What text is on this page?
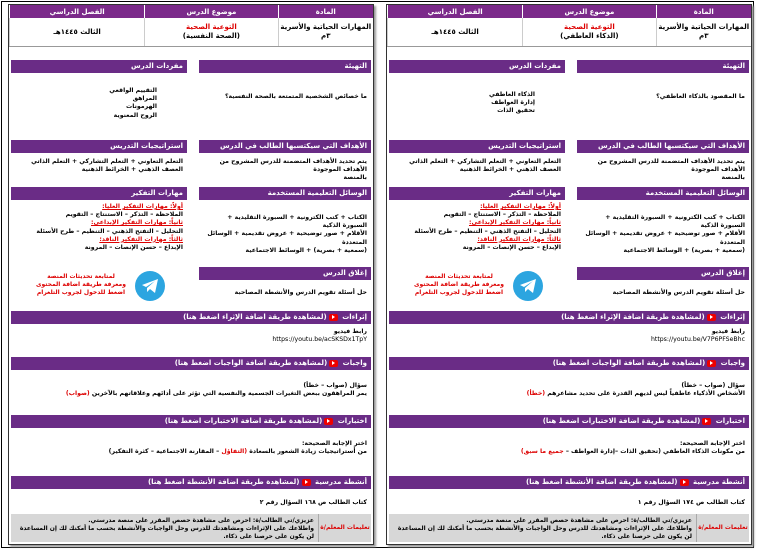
المادة
موضوع الدرس
الفصل الدراسي
المهارات الحياتية والأسرية ٣م
التوعية الصحية
(الذكاء العاطفي)
الثالث ١٤٤٥هـ
التهيئة
ما المقصود بالذكاء العاطفي؟
مفردات الدرس

الذكاء العاطفي

إدارة العواطف

تحقيق الذات

الأهداف التي سيكتسبها الطالب في الدرس

يتم تحديد الأهداف المتضمنة للدرس المشروح من الأهداف الموجودة

بالمنصة

استراتيجيات التدريس

التعلم التعاوني + التعلم التشاركي + التعلم الذاتي

العصف الذهني + الخرائط الذهنية

الوسائل التعليمية المستخدمة

الكتاب + كتب الكترونية + السبورة التقليدية + السبورة الذكية

الأقلام + صور توضيحية + عروض تقديمية + الوسائل المتعددة

(سمعية + بصرية) + الوسائط الاجتماعية

مهارات التفكير

أولاً: مهارات التفكير العليا:

الملاحظة – التذكر – الاستنتاج – التقويم

ثانياً: مهارات التفكير الإبداعي:

التحليل – التفتح الذهني – التنظيم – طرح الأسئلة

ثالثاً: مهارات التفكير الناقد:

الإبداع – حسن الإنصات – المرونة

إغلاق الدرس
حل أسئلة تقويم الدرس والأنشطة المصاحبة
لمتابعة تحديثات المنصة
ومعرفة طريقة اضافة المحتوى
اضغط للدخول لجروب التلغرام
إثراءات (لمشاهدة طريقة اضافة الإثراء اضغط هنا)

رابط فيديو

https://youtu.be/V7P6PFSeBhc

واجبات (لمشاهدة طريقة اضافة الواجبات اضغط هنا)

سؤال (صواب – خطأ)

الأشخاص الأذكياء عاطفياً ليس لديهم القدرة على تحديد مشاعرهم (خطأ)

اختبارات (لمشاهدة طريقة اضافة الاختبارات اضغط هنا)

اختر الإجابة الصحيحة:

من مكونات الذكاء العاطفي (تحقيق الذات –إدارة العواطف – جميع ما سبق)

أنشطة مدرسية (لمشاهدة طريقة اضافة الأنشطة اضغط هنا)
كتاب الطالب ص ١٧٤ السؤال رقم ١
تعليمات المعلم/ة
عزيزي/تي الطالب/ة: احرص على مشاهدة حصص المقرر على منصة مدرستي.
واطلاعك على الإثراءات ومشاهدتك للدرس وحل الواجبات والأنشطة بحسب ما أمكنك لك إن المساعدة لن يكون على حرصنا على ذكاء.
المادة
موضوع الدرس
الفصل الدراسي
المهارات الحياتية والأسرية ٣م
التوعية الصحية
(الصحة النفسية)
الثالث ١٤٤٥هـ
التهيئة
ما خصائص الشخصية المتمتعة بالصحة النفسية؟
مفردات الدرس

التقييم الواقعي

المراهق

الهرمونات

الروح المعنوية

الأهداف التي سيكتسبها الطالب في الدرس

يتم تحديد الأهداف المتضمنة للدرس المشروح من الأهداف الموجودة

بالمنصة

استراتيجيات التدريس

التعلم التعاوني + التعلم التشاركي + التعلم الذاتي

العصف الذهني + الخرائط الذهنية

الوسائل التعليمية المستخدمة

الكتاب + كتب الكترونية + السبورة التقليدية + السبورة الذكية

الأقلام + صور توضيحية + عروض تقديمية + الوسائل المتعددة

(سمعية + بصرية) + الوسائط الاجتماعية

مهارات التفكير

أولاً: مهارات التفكير العليا:

الملاحظة – التذكر – الاستنتاج – التقويم

ثانياً: مهارات التفكير الإبداعي:

التحليل – التفتح الذهني – التنظيم – طرح الأسئلة

ثالثاً: مهارات التفكير الناقد:

الإبداع – حسن الإنصات – المرونة

إغلاق الدرس
حل أسئلة تقويم الدرس والأنشطة المصاحبة
لمتابعة تحديثات المنصة
ومعرفة طريقة اضافة المحتوى
اضغط للدخول لجروب التلغرام
إثراءات (لمشاهدة طريقة اضافة الإثراء اضغط هنا)

رابط فيديو

https://youtu.be/acSKSDx1TpY

واجبات (لمشاهدة طريقة اضافة الواجبات اضغط هنا)

سؤال (صواب – خطأ)

يمر المراهقون ببعض التغيرات الجسمية والنفسية التي تؤثر على أدائهم وعلاقاتهم بالآخرين (صواب)

اختبارات (لمشاهدة طريقة اضافة الاختبارات اضغط هنا)

اختر الإجابة الصحيحة:

من أستراتيجيات زيادة الشعور بالسعادة (التفاؤل – المقارنة الاجتماعية – كثرة التفكير)

أنشطة مدرسية (لمشاهدة طريقة اضافة الأنشطة اضغط هنا)
كتاب الطالب ص ١٦٨ السؤال رقم ٢
تعليمات المعلم/ة
عزيزي/تي الطالب/ة: احرص على مشاهدة حصص المقرر على منصة مدرستي.
واطلاعك على الإثراءات ومشاهدتك للدرس وحل الواجبات والأنشطة بحسب ما أمكنك لك إن المساعدة لن يكون على حرصنا على ذكاء.
